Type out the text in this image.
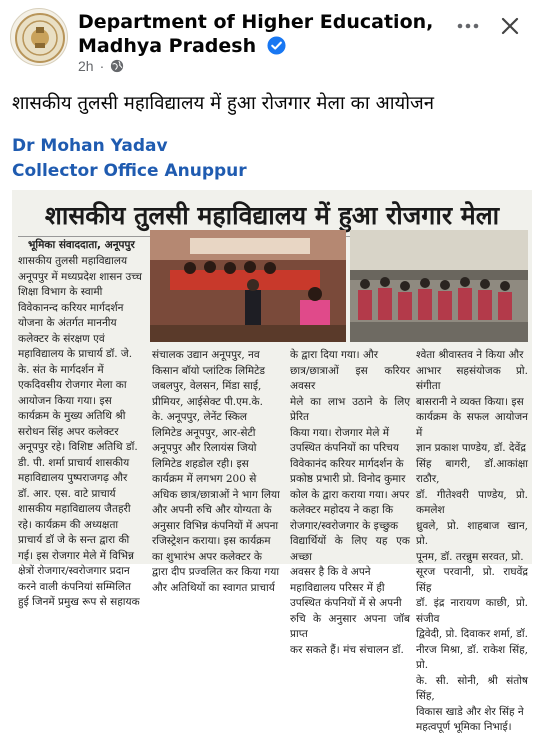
Department of Higher Education, Madhya Pradesh
2h ·
शासकीय तुलसी महाविद्यालय में हुआ रोजगार मेला का आयोजन
Dr Mohan Yadav
Collector Office Anuppur
शासकीय तुलसी महाविद्यालय में हुआ रोजगार मेला
भूमिका संवाददाता, अनूपपुर
शासकीय तुलसी महाविद्यालय
अनूपपुर में मध्यप्रदेश शासन उच्च
शिक्षा विभाग के स्वामी
विवेकानन्द करियर मार्गदर्शन
योजना के अंतर्गत माननीय
कलेक्टर के संरक्षण एवं
महाविद्यालय के प्राचार्य डॉ. जे.
के. संत के मार्गदर्शन में
एकदिवसीय रोजगार मेला का
आयोजन किया गया। इस
कार्यक्रम के मुख्य अतिथि श्री
सरोधन सिंह अपर कलेक्टर
अनूपपुर रहे। विशिष्ट अतिथि डॉ.
डी. पी. शर्मा प्राचार्य शासकीय
महाविद्यालय पुष्पराजगढ़ और
डॉ. आर. एस. वाटे प्राचार्य
शासकीय महाविद्यालय जैतहरी
रहे। कार्यक्रम की अध्यक्षता
प्राचार्य डॉ जे के सन्त द्वारा की
गई। इस रोजगार मेले में विभिन्न
क्षेत्रों रोजगार/स्वरोजगार प्रदान
करने वाली कंपनियां सम्मिलित
हुई जिनमें प्रमुख रूप से सहायक
संचालक उद्यान अनूपपुर, नव
किसान बॉयो प्लांटिक लिमिटेड
जबलपुर, वेलसन, मिंडा साई,
प्रीमियर, आईसेक्ट पी.एम.के.
के. अनूपपुर, लेनेंट स्किल
लिमिटेड अनूपपुर, आर-सेटी
अनूपपुर और रिलायंस जियो
लिमिटेड शहडोल रही। इस
कार्यक्रम में लगभग 200 से
अधिक छात्र/छात्राओं ने भाग लिया
और अपनी रुचि और योग्यता के
अनुसार विभिन्न कंपनियों में अपना
रजिस्ट्रेशन कराया। इस कार्यक्रम
का शुभारंभ अपर कलेक्टर के
द्वारा दीप प्रज्वलित कर किया गया
और अतिथियों का स्वागत प्राचार्य
के द्वारा दिया गया। और
छात्र/छात्राओं इस करियर अवसर
मेले का लाभ उठाने के लिए प्रेरित
किया गया। रोजगार मेले में
उपस्थित कंपनियों का परिचय
विवेकानंद करियर मार्गदर्शन के
प्रकोष्ठ प्रभारी प्रो. विनोद कुमार
कोल के द्वारा कराया गया। अपर
कलेक्टर महोदय ने कहा कि
रोजगार/स्वरोजगार के इच्छुक
विद्यार्थियों के लिए यह एक अच्छा
अवसर है कि वे अपने
महाविद्यालय परिसर में ही
उपस्थित कंपनियों में से अपनी
रुचि के अनुसार अपना जॉब प्राप्त
कर सकते हैं। मंच संचालन डॉ.
श्वेता श्रीवास्तव ने किया और
आभार सहसंयोजक प्रो. संगीता
बासरानी ने व्यक्त किया। इस
कार्यक्रम के सफल आयोजन में
ज्ञान प्रकाश पाण्डेय, डॉ. देवेंद्र
सिंह बागरी, डॉ.आकांक्षा राठौर,
डॉ. गीतेश्वरी पाण्डेय, प्रो. कमलेश
ध्रुवले, प्रो. शाहबाज खान, प्रो.
पूनम, डॉ. तरन्नुम सरवत, प्रो.
सूरज परवानी, प्रो. राघवेंद्र सिंह
डॉ. इंद्र नारायण काछी, प्रो. संजीव
द्विवेदी, प्रो. दिवाकर शर्मा, डॉ.
नीरज मिश्रा, डॉ. राकेश सिंह, प्रो.
के. सी. सोनी, श्री संतोष सिंह,
विकास खाडे और शेर सिंह ने
महत्वपूर्ण भूमिका निभाई।
